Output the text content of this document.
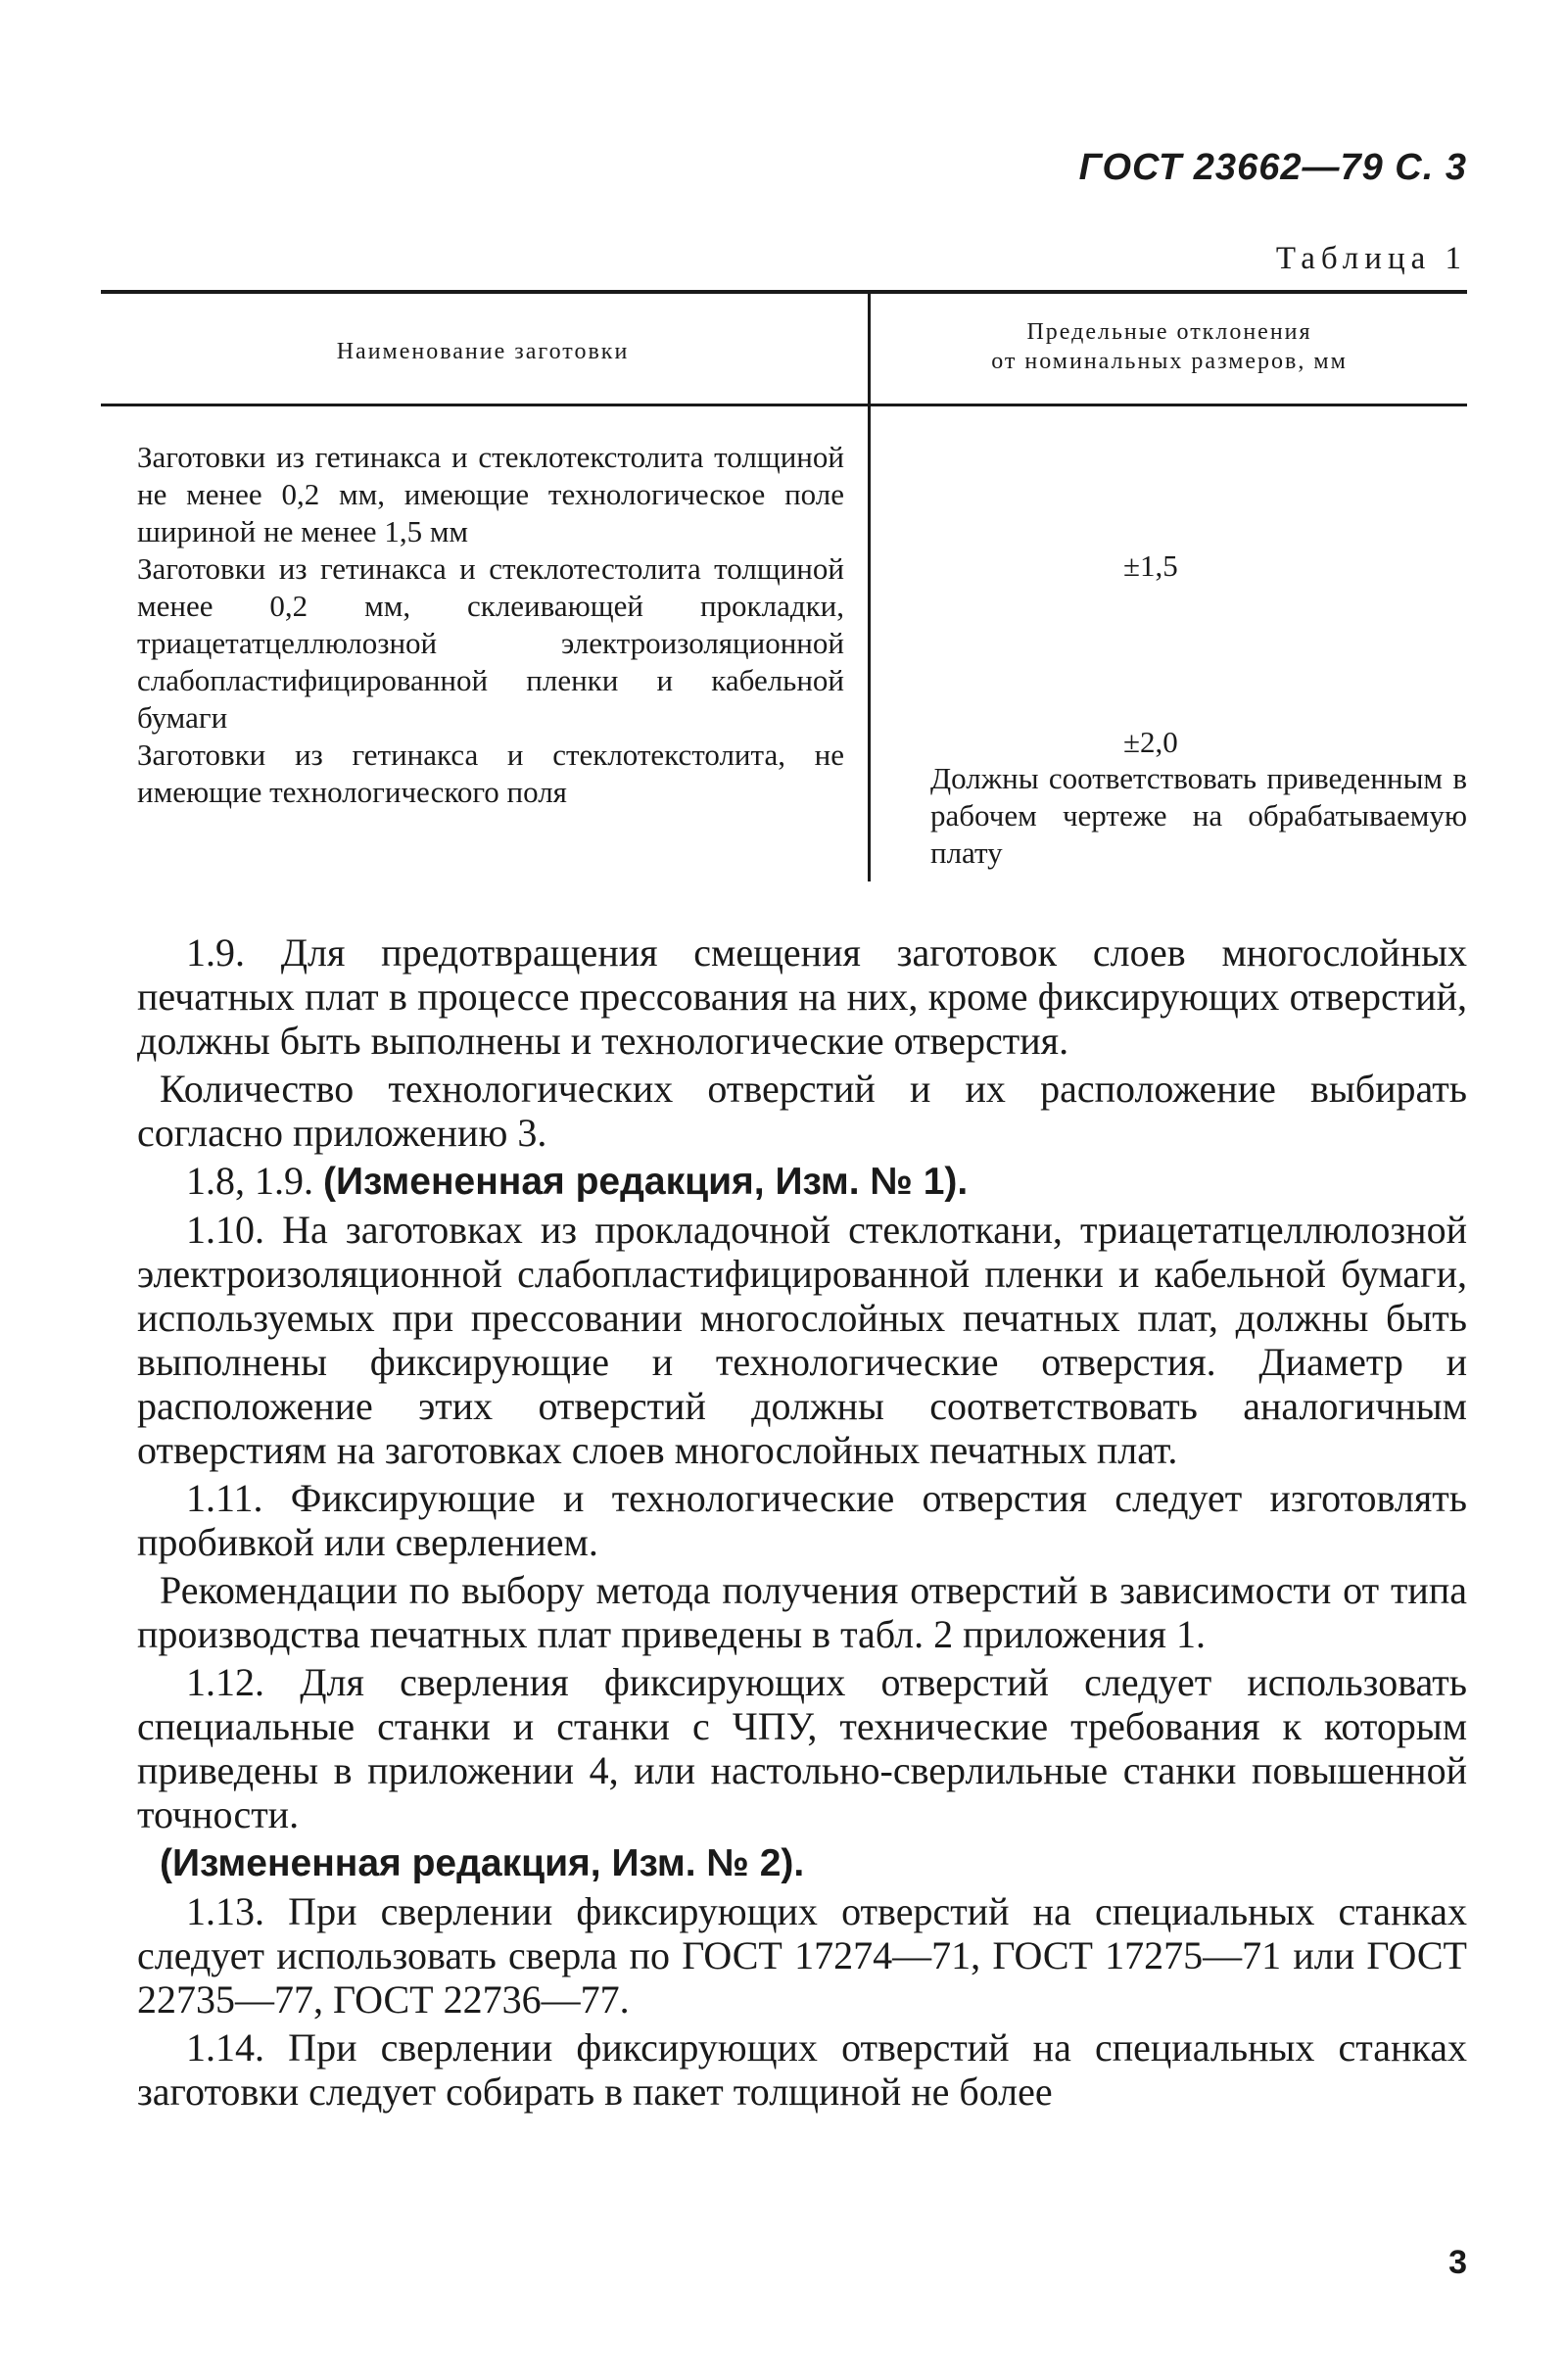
ГОСТ 23662—79 С. 3
Таблица 1
Наименование заготовки
Предельные отклонения
от номинальных размеров, мм

Заготовки из гетинакса и стеклотекстолита толщиной не менее 0,2 мм, имеющие технологическое поле шириной не менее 1,5 мм

Заготовки из гетинакса и стеклотестолита толщиной менее 0,2 мм, склеивающей прокладки, триацетатцеллюлозной электроизоляционной слабопластифицированной пленки и кабельной бумаги

Заготовки из гетинакса и стеклотекстолита, не имеющие технологического поля

±1,5
±2,0
Должны соответствовать приведенным в рабочем чертеже на обрабатываемую плату

1.9. Для предотвращения смещения заготовок слоев многослойных печатных плат в процессе прессования на них, кроме фиксирующих отверстий, должны быть выполнены и технологические отверстия.

Количество технологических отверстий и их расположение выбирать согласно приложению 3.

1.8, 1.9. (Измененная редакция, Изм. № 1).

1.10. На заготовках из прокладочной стеклоткани, триацетатцеллюлозной электроизоляционной слабопластифицированной пленки и кабельной бумаги, используемых при прессовании многослойных печатных плат, должны быть выполнены фиксирующие и технологические отверстия. Диаметр и расположение этих отверстий должны соответствовать аналогичным отверстиям на заготовках слоев многослойных печатных плат.

1.11. Фиксирующие и технологические отверстия следует изготовлять пробивкой или сверлением.

Рекомендации по выбору метода получения отверстий в зависимости от типа производства печатных плат приведены в табл. 2 приложения 1.

1.12. Для сверления фиксирующих отверстий следует использовать специальные станки и станки с ЧПУ, технические требования к которым приведены в приложении 4, или настольно-сверлильные станки повышенной точности.

(Измененная редакция, Изм. № 2).

1.13. При сверлении фиксирующих отверстий на специальных станках следует использовать сверла по ГОСТ 17274—71, ГОСТ 17275—71 или ГОСТ 22735—77, ГОСТ 22736—77.

1.14. При сверлении фиксирующих отверстий на специальных станках заготовки следует собирать в пакет толщиной не более

3
